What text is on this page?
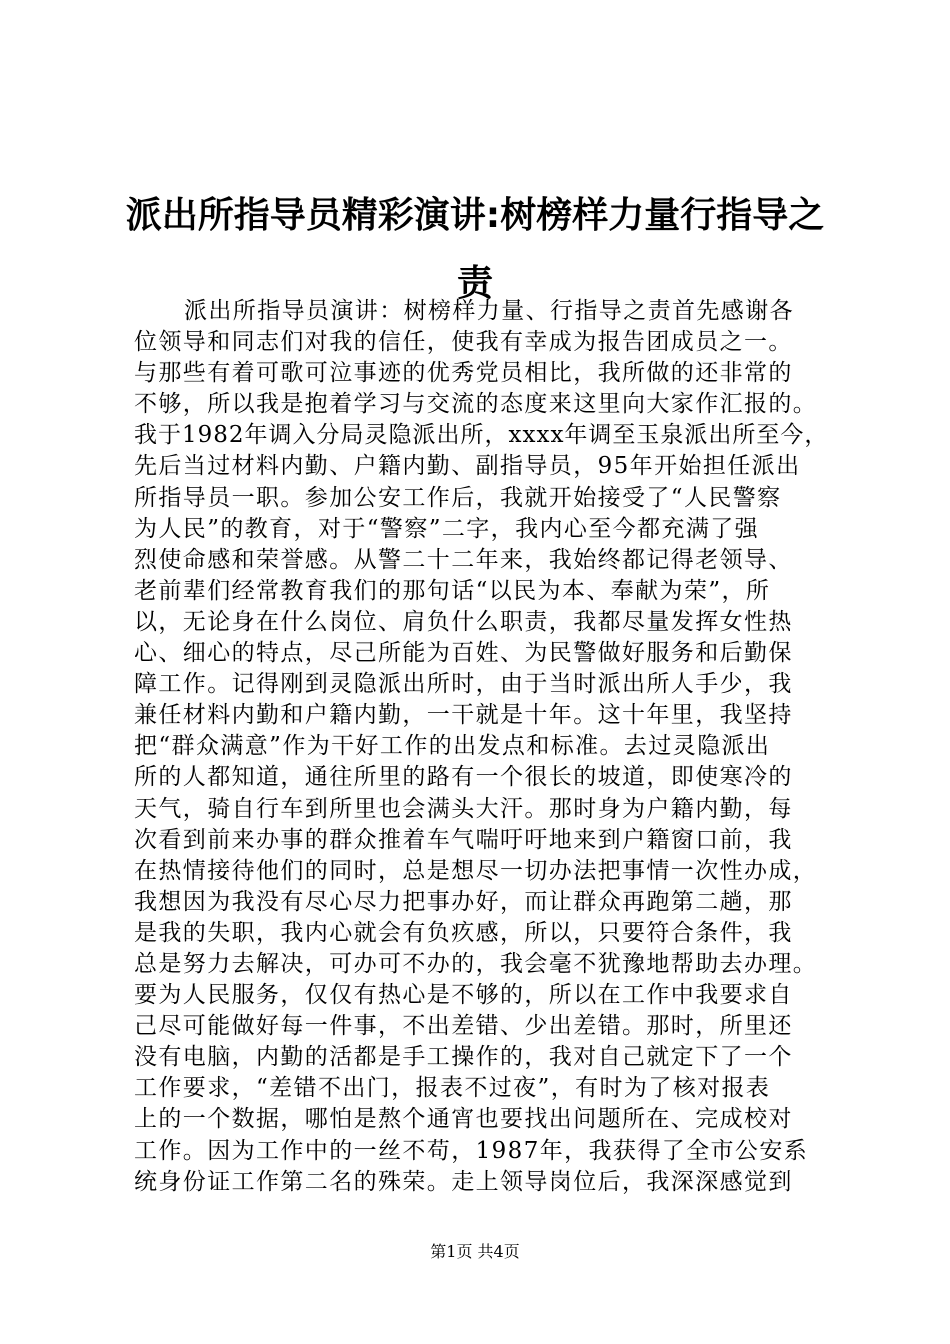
派出所指导员精彩演讲:树榜样力量行指导之
责
派出所指导员演讲：树榜样力量、行指导之责首先感谢各
位领导和同志们对我的信任，使我有幸成为报告团成员之一。
与那些有着可歌可泣事迹的优秀党员相比，我所做的还非常的
不够，所以我是抱着学习与交流的态度来这里向大家作汇报的。
我于1982年调入分局灵隐派出所，xxxx年调至玉泉派出所至今，
先后当过材料内勤、户籍内勤、副指导员，95年开始担任派出
所指导员一职。参加公安工作后，我就开始接受了“人民警察
为人民”的教育，对于“警察”二字，我内心至今都充满了强
烈使命感和荣誉感。从警二十二年来，我始终都记得老领导、
老前辈们经常教育我们的那句话“以民为本、奉献为荣”，所
以，无论身在什么岗位、肩负什么职责，我都尽量发挥女性热
心、细心的特点，尽己所能为百姓、为民警做好服务和后勤保
障工作。记得刚到灵隐派出所时，由于当时派出所人手少，我
兼任材料内勤和户籍内勤，一干就是十年。这十年里，我坚持
把“群众满意”作为干好工作的出发点和标准。去过灵隐派出
所的人都知道，通往所里的路有一个很长的坡道，即使寒冷的
天气，骑自行车到所里也会满头大汗。那时身为户籍内勤，每
次看到前来办事的群众推着车气喘吁吁地来到户籍窗口前，我
在热情接待他们的同时，总是想尽一切办法把事情一次性办成，
我想因为我没有尽心尽力把事办好，而让群众再跑第二趟，那
是我的失职，我内心就会有负疚感，所以，只要符合条件，我
总是努力去解决，可办可不办的，我会毫不犹豫地帮助去办理。
要为人民服务，仅仅有热心是不够的，所以在工作中我要求自
己尽可能做好每一件事，不出差错、少出差错。那时，所里还
没有电脑，内勤的活都是手工操作的，我对自己就定下了一个
工作要求，“差错不出门，报表不过夜”，有时为了核对报表
上的一个数据，哪怕是熬个通宵也要找出问题所在、完成校对
工作。因为工作中的一丝不苟，1987年，我获得了全市公安系
统身份证工作第二名的殊荣。走上领导岗位后，我深深感觉到
第1页 共4页
